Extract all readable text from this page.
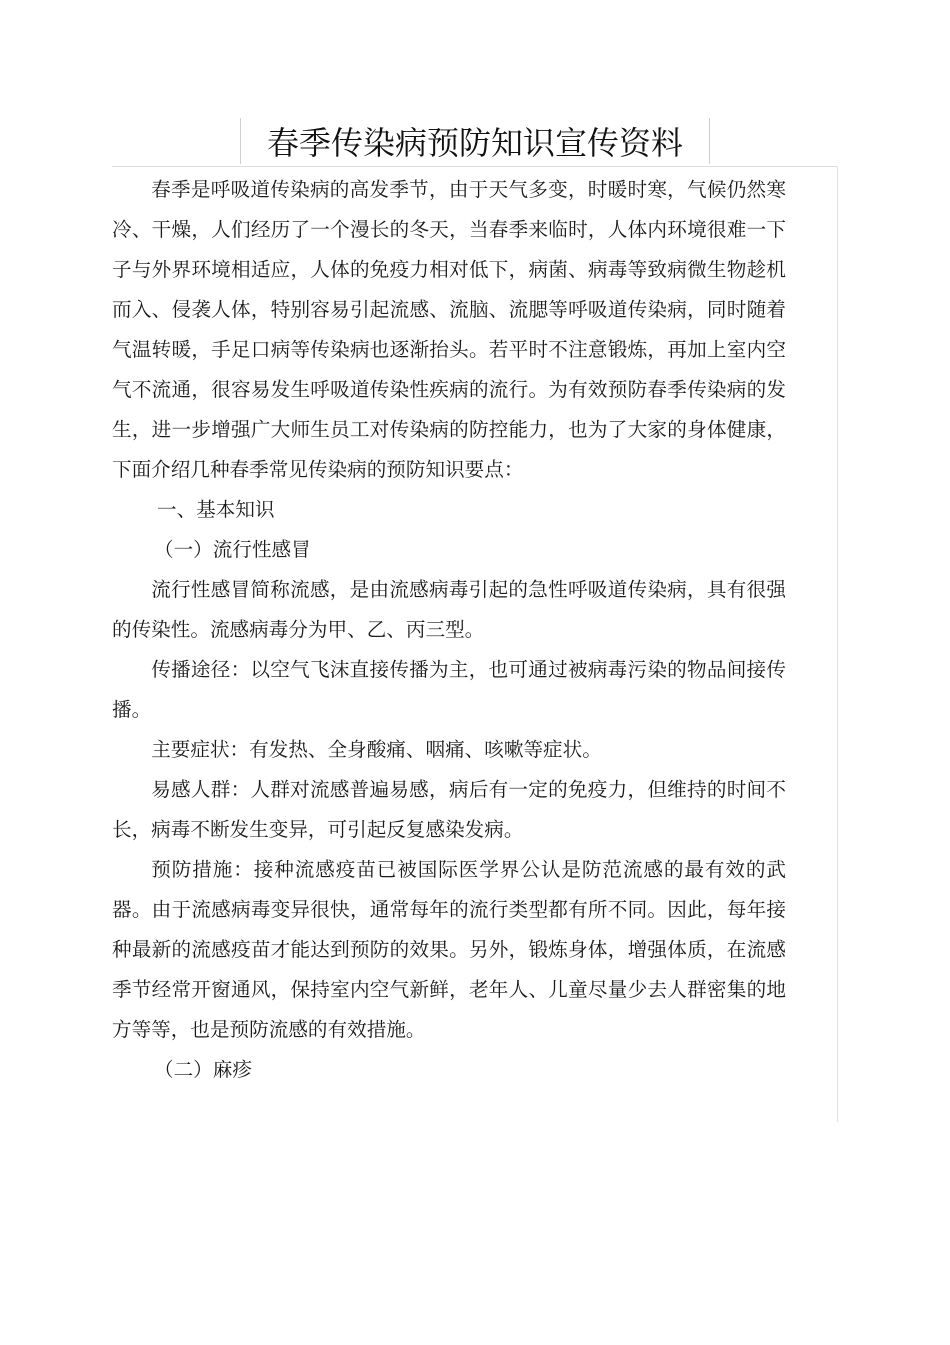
春季传染病预防知识宣传资料

春季是呼吸道传染病的高发季节，由于天气多变，时暖时寒，气候仍然寒冷、干燥，人们经历了一个漫长的冬天，当春季来临时，人体内环境很难一下子与外界环境相适应，人体的免疫力相对低下，病菌、病毒等致病微生物趁机而入、侵袭人体，特别容易引起流感、流脑、流腮等呼吸道传染病，同时随着气温转暖，手足口病等传染病也逐渐抬头。若平时不注意锻炼，再加上室内空气不流通，很容易发生呼吸道传染性疾病的流行。为有效预防春季传染病的发生，进一步增强广大师生员工对传染病的防控能力，也为了大家的身体健康，下面介绍几种春季常见传染病的预防知识要点：

一、基本知识

（一）流行性感冒

流行性感冒简称流感，是由流感病毒引起的急性呼吸道传染病，具有很强的传染性。流感病毒分为甲、乙、丙三型。

传播途径：以空气飞沫直接传播为主，也可通过被病毒污染的物品间接传播。

主要症状：有发热、全身酸痛、咽痛、咳嗽等症状。

易感人群：人群对流感普遍易感，病后有一定的免疫力，但维持的时间不长，病毒不断发生变异，可引起反复感染发病。

预防措施：接种流感疫苗已被国际医学界公认是防范流感的最有效的武器。由于流感病毒变异很快，通常每年的流行类型都有所不同。因此，每年接种最新的流感疫苗才能达到预防的效果。另外，锻炼身体，增强体质，在流感季节经常开窗通风，保持室内空气新鲜，老年人、儿童尽量少去人群密集的地方等等，也是预防流感的有效措施。

（二）麻疹
